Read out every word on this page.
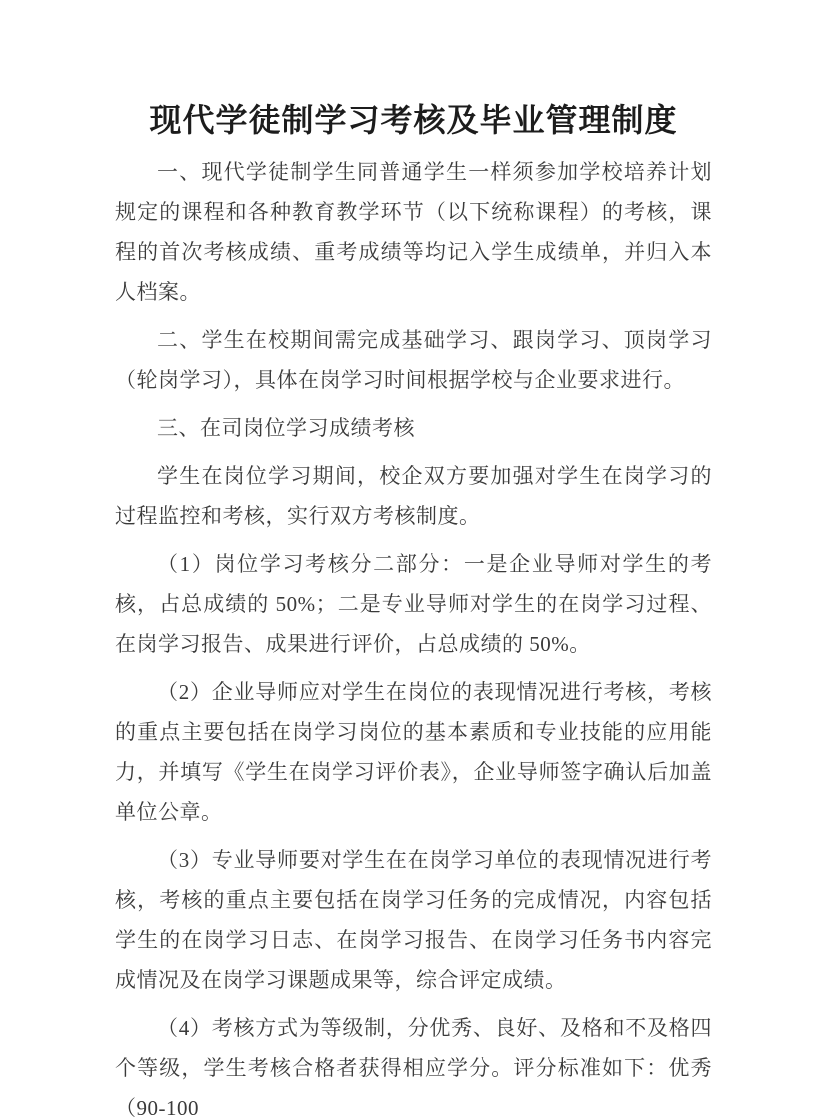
现代学徒制学习考核及毕业管理制度

一、现代学徒制学生同普通学生一样须参加学校培养计划规定的课程和各种教育教学环节（以下统称课程）的考核，课程的首次考核成绩、重考成绩等均记入学生成绩单，并归入本人档案。

二、学生在校期间需完成基础学习、跟岗学习、顶岗学习（轮岗学习），具体在岗学习时间根据学校与企业要求进行。

三、在司岗位学习成绩考核

学生在岗位学习期间，校企双方要加强对学生在岗学习的过程监控和考核，实行双方考核制度。

（1）岗位学习考核分二部分：一是企业导师对学生的考核，占总成绩的 50%；二是专业导师对学生的在岗学习过程、在岗学习报告、成果进行评价，占总成绩的 50%。

（2）企业导师应对学生在岗位的表现情况进行考核，考核的重点主要包括在岗学习岗位的基本素质和专业技能的应用能力，并填写《学生在岗学习评价表》，企业导师签字确认后加盖单位公章。

（3）专业导师要对学生在在岗学习单位的表现情况进行考核，考核的重点主要包括在岗学习任务的完成情况，内容包括学生的在岗学习日志、在岗学习报告、在岗学习任务书内容完成情况及在岗学习课题成果等，综合评定成绩。

（4）考核方式为等级制，分优秀、良好、及格和不及格四个等级，学生考核合格者获得相应学分。评分标准如下：优秀（90-100
